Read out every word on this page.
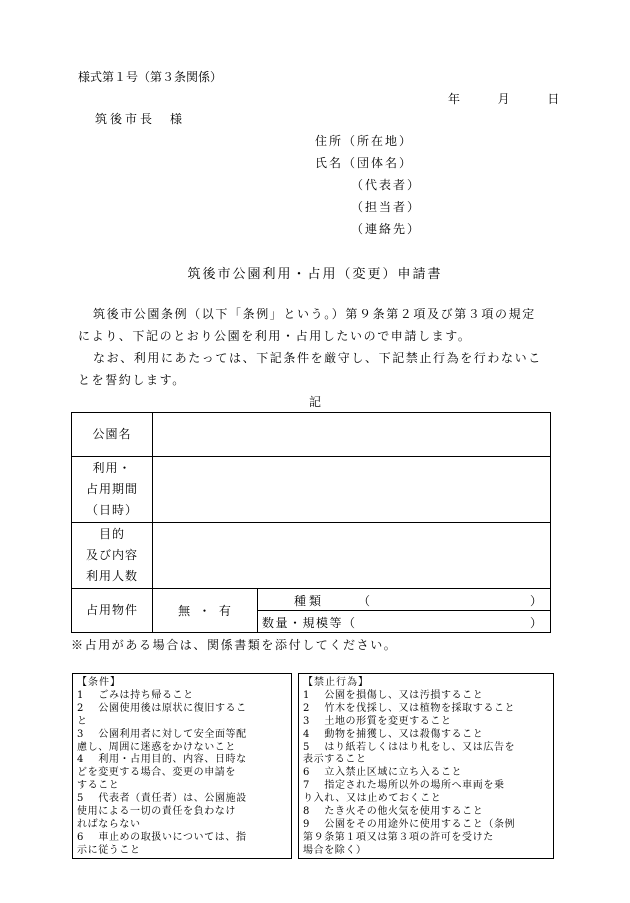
様式第１号（第３条関係）
年	月	日
筑後市長　様
住所（所在地）
氏名（団体名）
（代表者）
（担当者）
（連絡先）
筑後市公園利用・占用（変更）申請書
筑後市公園条例（以下「条例」という。）第９条第２項及び第３項の規定
により、下記のとおり公園を利用・占用したいので申請します。
なお、利用にあたっては、下記条件を厳守し、下記禁止行為を行わないこ
とを誓約します。
記
公園名		

利用・
占用期間
（日時）		

目的
及び内容
利用人数		

占用物件	無 ・ 有	種類 （ ）

		数量・規模等（ ）
※占用がある場合は、関係書類を添付してください。
【条件】
1　 ごみは持ち帰ること
2　 公園使用後は原状に復旧するこ
と
3　 公園利用者に対して安全面等配
慮し、周囲に迷惑をかけないこと
4　 利用・占用目的、内容、日時な
どを変更する場合、変更の申請を
すること
5　 代表者（責任者）は、公園施設
使用による一切の責任を負わなけ
ればならない
6　 車止めの取扱いについては、指
示に従うこと
【禁止行為】
1　 公園を損傷し、又は汚損すること
2　 竹木を伐採し、又は植物を採取すること
3　 土地の形質を変更すること
4　 動物を捕獲し、又は殺傷すること
5　 はり紙若しくははり札をし、又は広告を
表示すること
6　 立入禁止区域に立ち入ること
7　 指定された場所以外の場所へ車両を乗
り入れ、又は止めておくこと
8　 たき火その他火気を使用すること
9　 公園をその用途外に使用すること（条例
第９条第１項又は第３項の許可を受けた
場合を除く）
